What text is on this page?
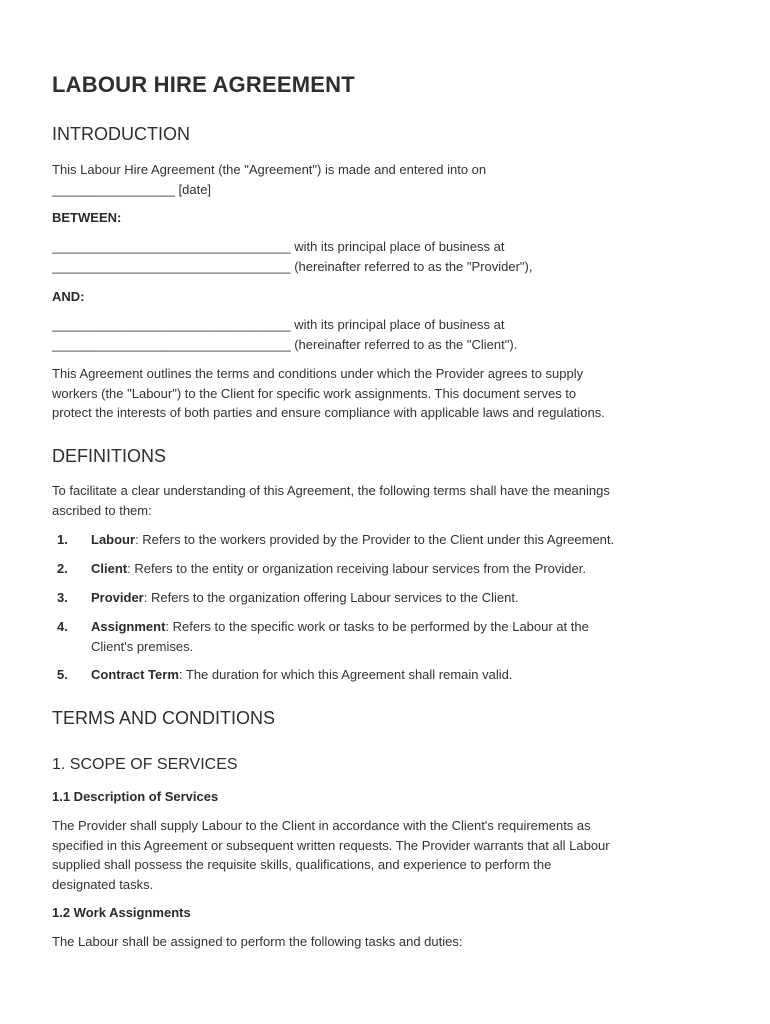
LABOUR HIRE AGREEMENT
INTRODUCTION
This Labour Hire Agreement (the "Agreement") is made and entered into on
_________________ [date]
BETWEEN:
_________________________________ with its principal place of business at
_________________________________ (hereinafter referred to as the "Provider"),
AND:
_________________________________ with its principal place of business at
_________________________________ (hereinafter referred to as the "Client").
This Agreement outlines the terms and conditions under which the Provider agrees to supply
workers (the "Labour") to the Client for specific work assignments. This document serves to
protect the interests of both parties and ensure compliance with applicable laws and regulations.
DEFINITIONS
To facilitate a clear understanding of this Agreement, the following terms shall have the meanings
ascribed to them:
1. Labour: Refers to the workers provided by the Provider to the Client under this Agreement.
2. Client: Refers to the entity or organization receiving labour services from the Provider.
3. Provider: Refers to the organization offering Labour services to the Client.
4. Assignment: Refers to the specific work or tasks to be performed by the Labour at the
Client's premises.
5. Contract Term: The duration for which this Agreement shall remain valid.
TERMS AND CONDITIONS
1. SCOPE OF SERVICES
1.1 Description of Services
The Provider shall supply Labour to the Client in accordance with the Client's requirements as
specified in this Agreement or subsequent written requests. The Provider warrants that all Labour
supplied shall possess the requisite skills, qualifications, and experience to perform the
designated tasks.
1.2 Work Assignments
The Labour shall be assigned to perform the following tasks and duties:
